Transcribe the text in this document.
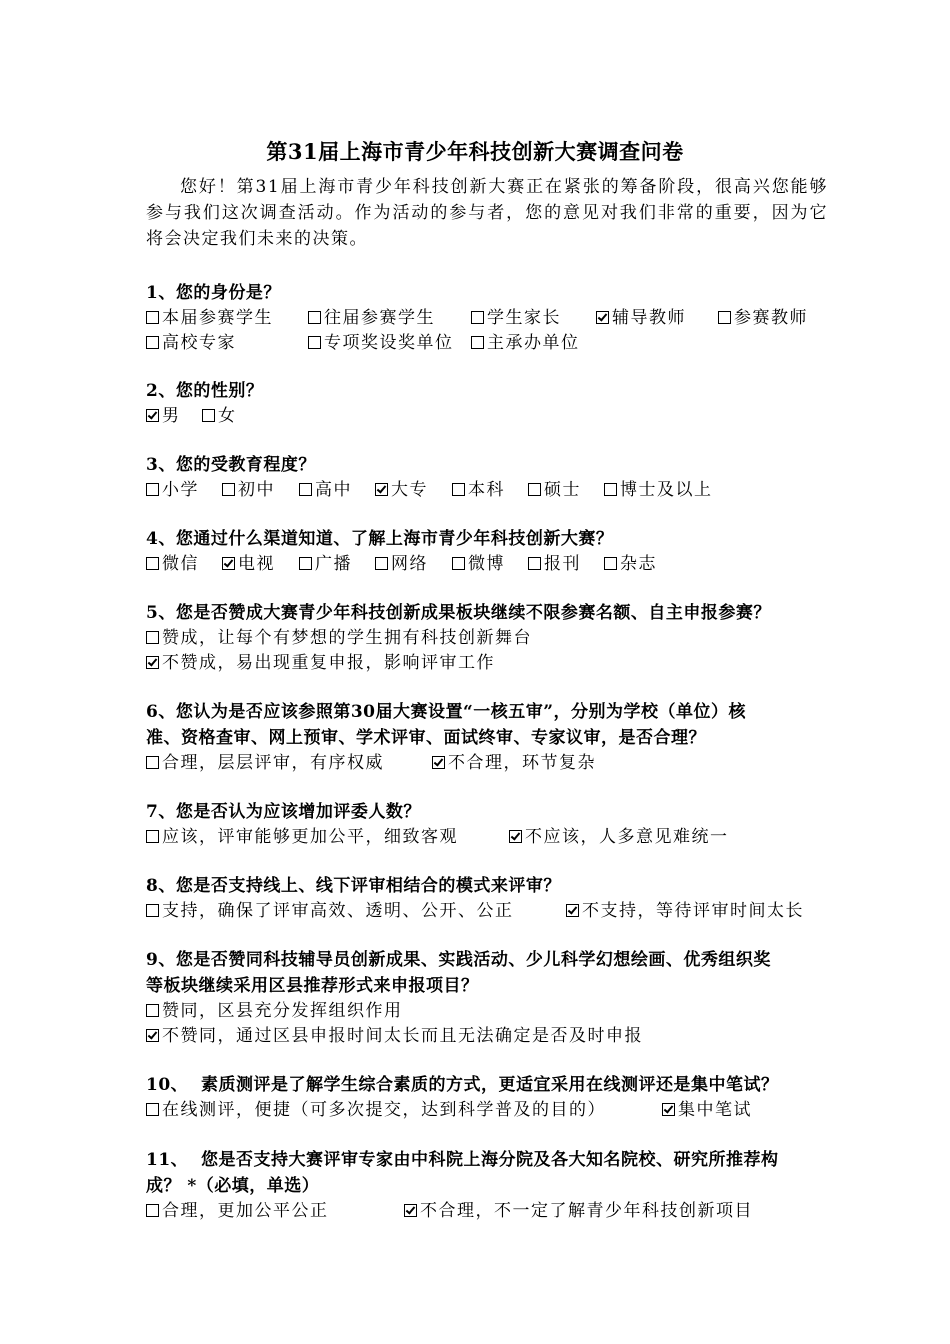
第31届上海市青少年科技创新大赛调查问卷
您好！第31届上海市青少年科技创新大赛正在紧张的筹备阶段，很高兴您能够参与我们这次调查活动。作为活动的参与者，您的意见对我们非常的重要，因为它将会决定我们未来的决策。
1、您的身份是？
本届参赛学生	往届参赛学生	学生家长	辅导教师	参赛教师
高校专家	专项奖设奖单位	主承办单位
2、您的性别？
男	女
3、您的受教育程度？
小学	初中	高中	大专	本科	硕士	博士及以上
4、您通过什么渠道知道、了解上海市青少年科技创新大赛？
微信	电视	广播	网络	微博	报刊	杂志
5、您是否赞成大赛青少年科技创新成果板块继续不限参赛名额、自主申报参赛？
赞成，让每个有梦想的学生拥有科技创新舞台
不赞成，易出现重复申报，影响评审工作
6、您认为是否应该参照第30届大赛设置“一核五审”，分别为学校（单位）核
准、资格查审、网上预审、学术评审、面试终审、专家议审，是否合理？
合理，层层评审，有序权威	不合理，环节复杂
7、您是否认为应该增加评委人数？
应该，评审能够更加公平，细致客观	不应该，人多意见难统一
8、您是否支持线上、线下评审相结合的模式来评审？
支持，确保了评审高效、透明、公开、公正	不支持，等待评审时间太长
9、您是否赞同科技辅导员创新成果、实践活动、少儿科学幻想绘画、优秀组织奖
等板块继续采用区县推荐形式来申报项目？
赞同，区县充分发挥组织作用
不赞同，通过区县申报时间太长而且无法确定是否及时申报
10、  素质测评是了解学生综合素质的方式，更适宜采用在线测评还是集中笔试？
在线测评，便捷（可多次提交，达到科学普及的目的）	集中笔试
11、  您是否支持大赛评审专家由中科院上海分院及各大知名院校、研究所推荐构
成？ *（必填，单选）
合理，更加公平公正	不合理，不一定了解青少年科技创新项目
